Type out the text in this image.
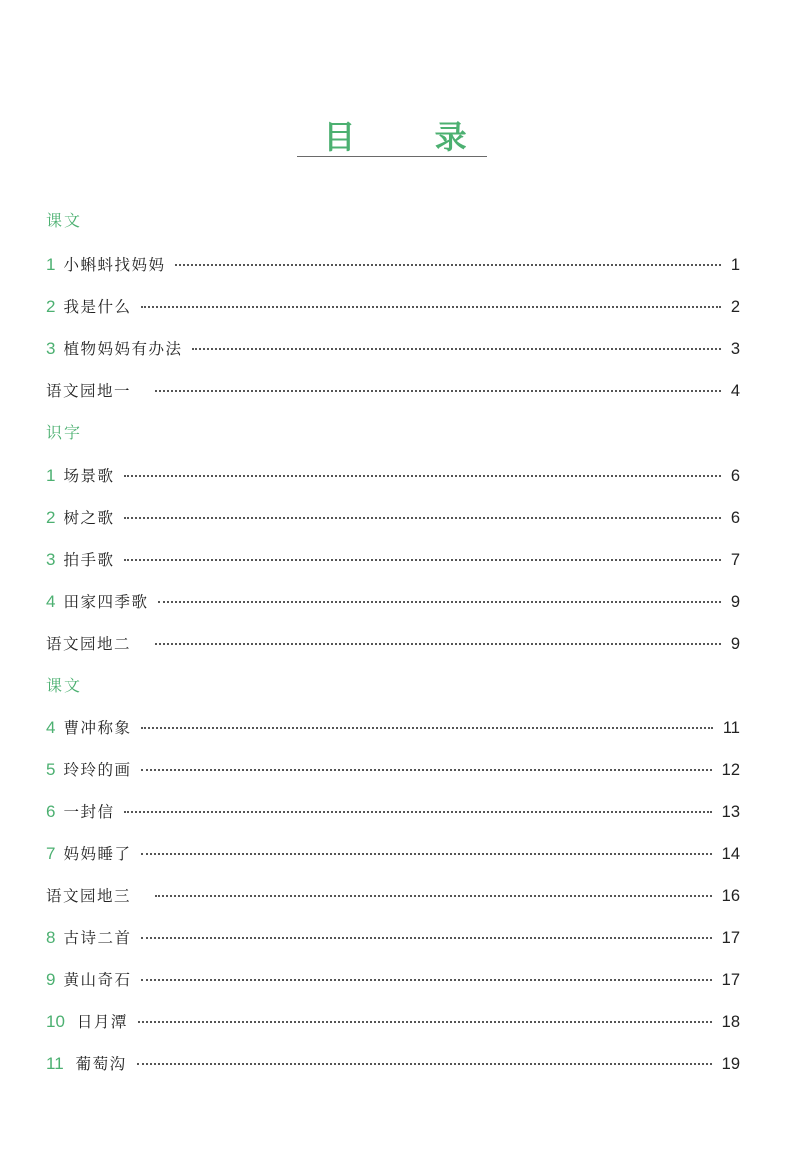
目 录
课文
1 小蝌蚪找妈妈	1
2 我是什么	2
3 植物妈妈有办法	3
语文园地一	4
识字
1 场景歌	6
2 树之歌	6
3 拍手歌	7
4 田家四季歌	9
语文园地二	9
课文
4 曹冲称象	11
5 玲玲的画	12
6 一封信	13
7 妈妈睡了	14
语文园地三	16
8 古诗二首	17
9 黄山奇石	17
10 日月潭	18
11 葡萄沟	19
